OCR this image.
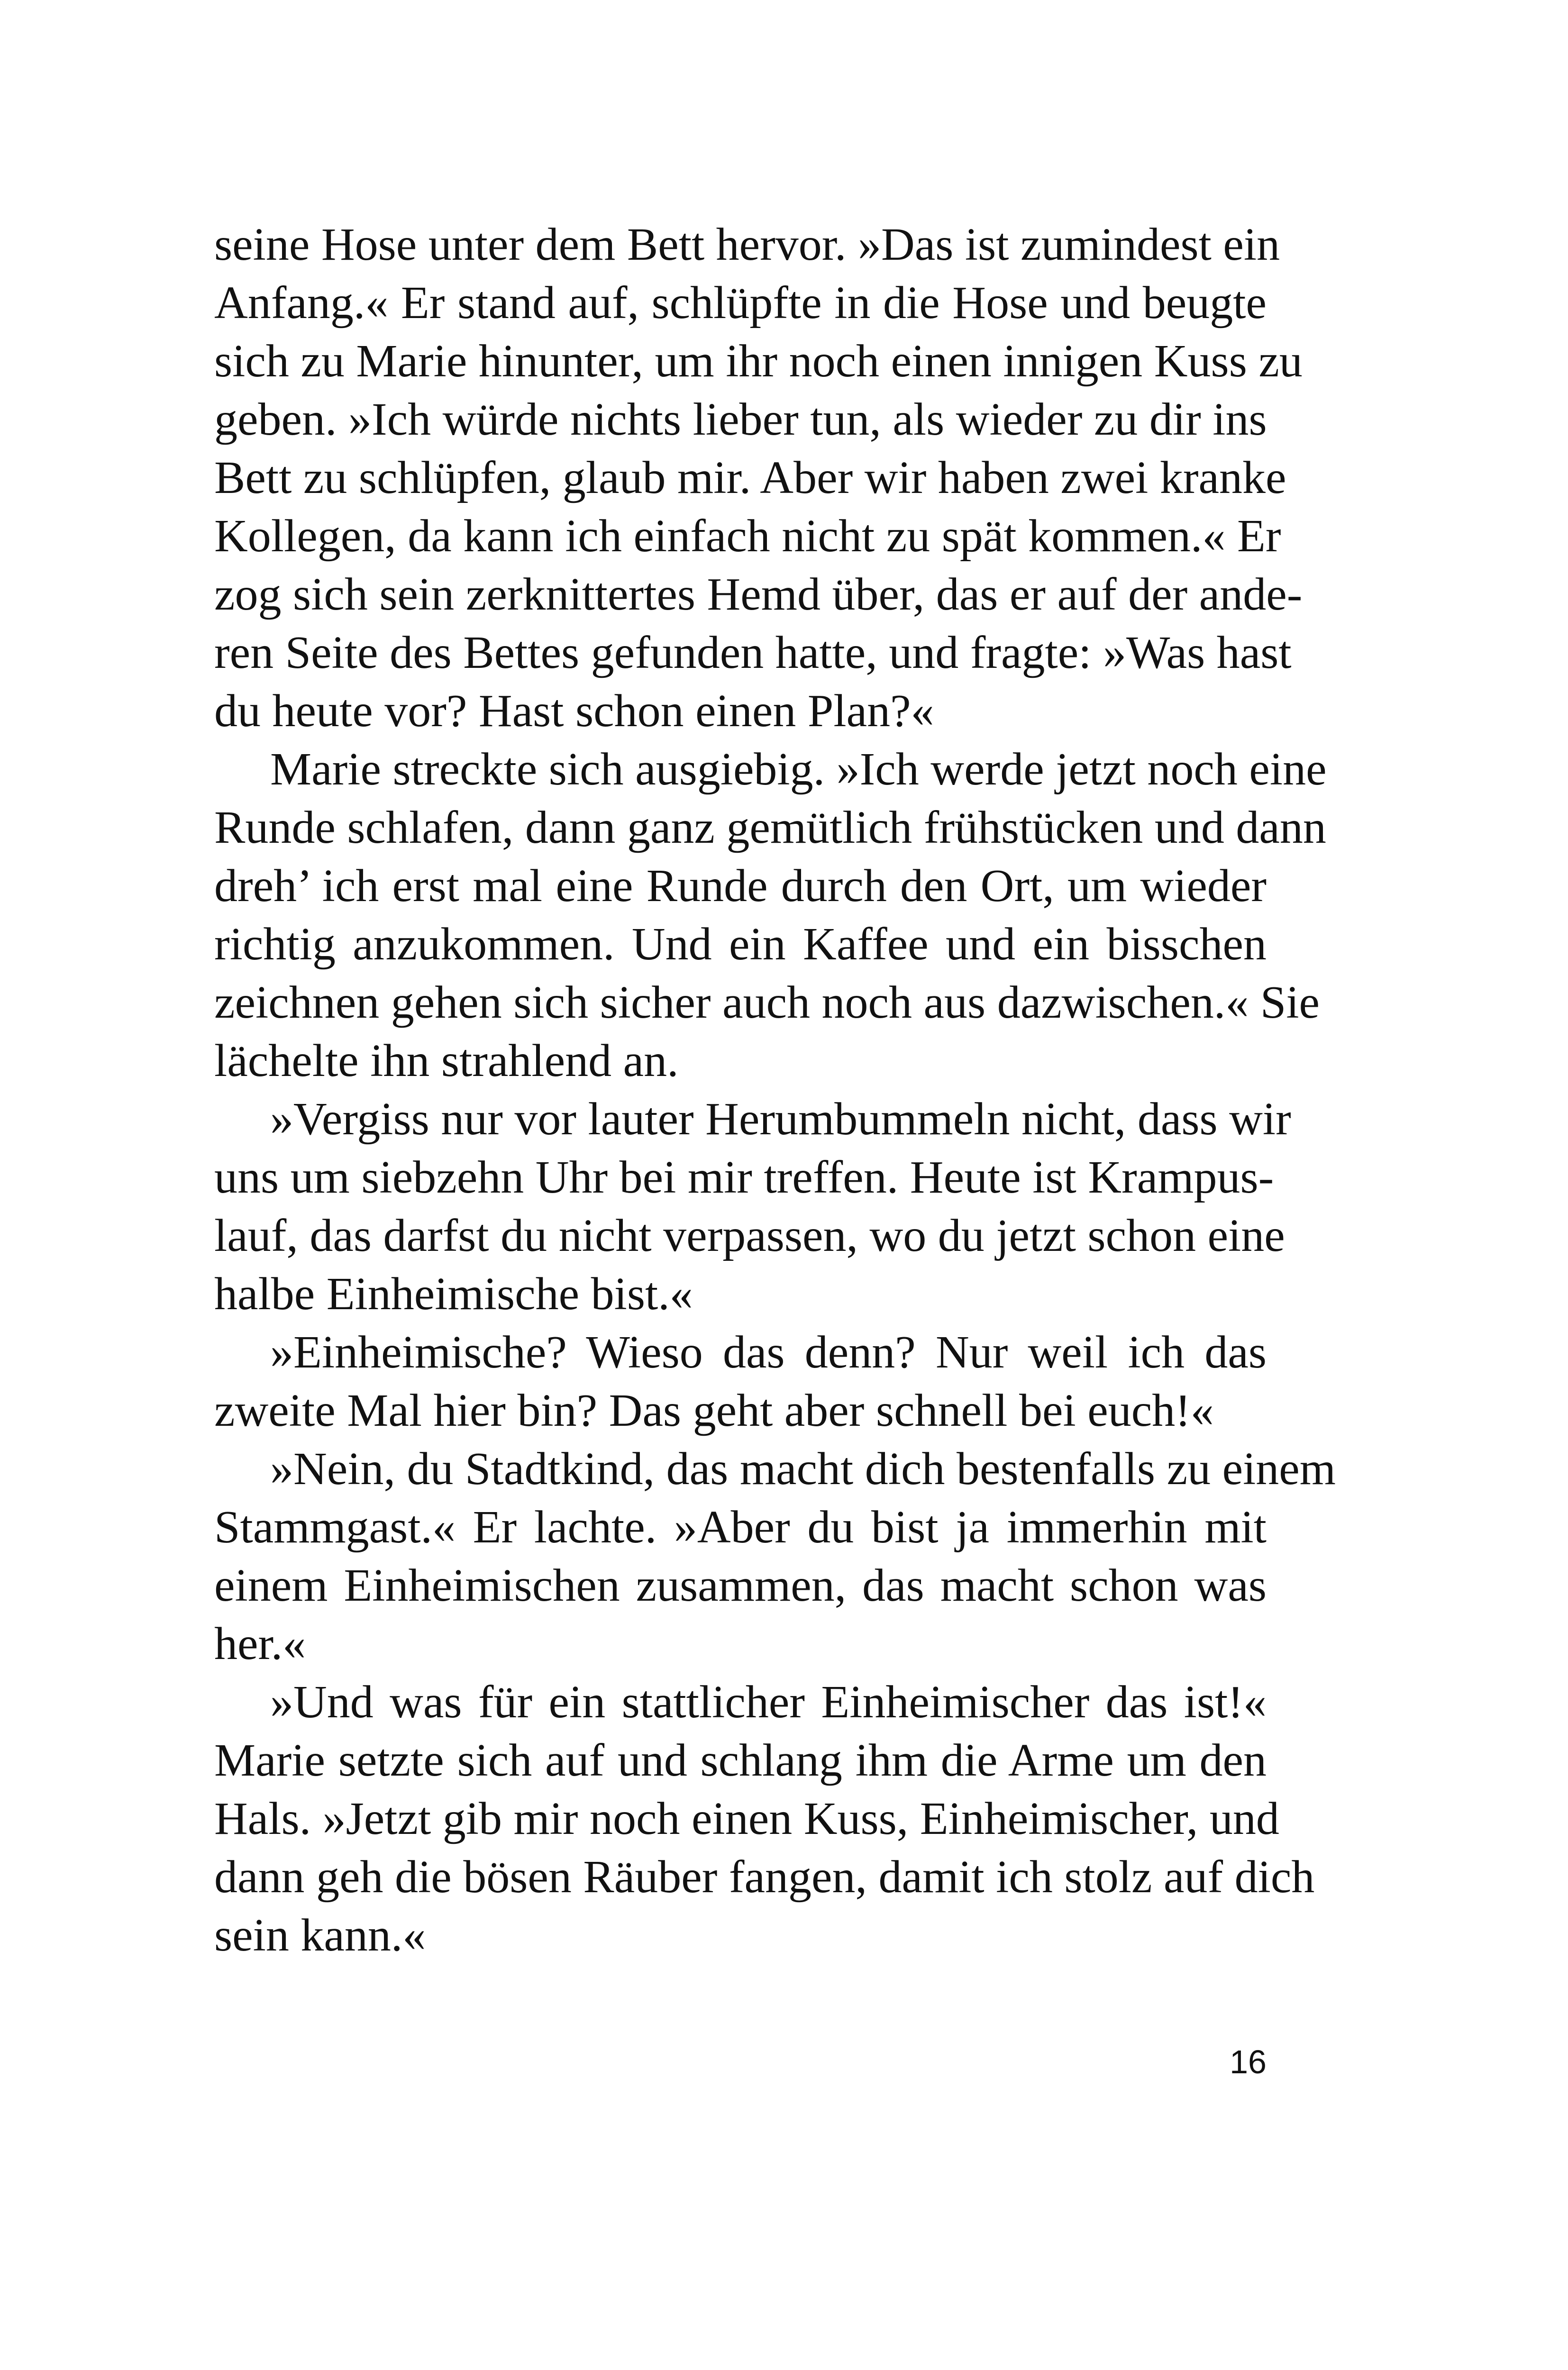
seine Hose unter dem Bett hervor. »Das ist zumindest ein
Anfang.« Er stand auf, schlüpfte in die Hose und beugte
sich zu Marie hinunter, um ihr noch einen innigen Kuss zu
geben. »Ich würde nichts lieber tun, als wieder zu dir ins
Bett zu schlüpfen, glaub mir. Aber wir haben zwei kranke
Kollegen, da kann ich einfach nicht zu spät kommen.« Er
zog sich sein zerknittertes Hemd über, das er auf der ande-
ren Seite des Bettes gefunden hatte, und fragte: »Was hast
du heute vor? Hast schon einen Plan?«
Marie streckte sich ausgiebig. »Ich werde jetzt noch eine
Runde schlafen, dann ganz gemütlich frühstücken und dann
dreh’ ich erst mal eine Runde durch den Ort, um wieder
richtig anzukommen. Und ein Kaffee und ein bisschen
zeichnen gehen sich sicher auch noch aus dazwischen.« Sie
lächelte ihn strahlend an.
»Vergiss nur vor lauter Herumbummeln nicht, dass wir
uns um siebzehn Uhr bei mir treffen. Heute ist Krampus-
lauf, das darfst du nicht verpassen, wo du jetzt schon eine
halbe Einheimische bist.«
»Einheimische? Wieso das denn? Nur weil ich das
zweite Mal hier bin? Das geht aber schnell bei euch!«
»Nein, du Stadtkind, das macht dich bestenfalls zu einem
Stammgast.« Er lachte. »Aber du bist ja immerhin mit
einem Einheimischen zusammen, das macht schon was
her.«
»Und was für ein stattlicher Einheimischer das ist!«
Marie setzte sich auf und schlang ihm die Arme um den
Hals. »Jetzt gib mir noch einen Kuss, Einheimischer, und
dann geh die bösen Räuber fangen, damit ich stolz auf dich
sein kann.«
16
